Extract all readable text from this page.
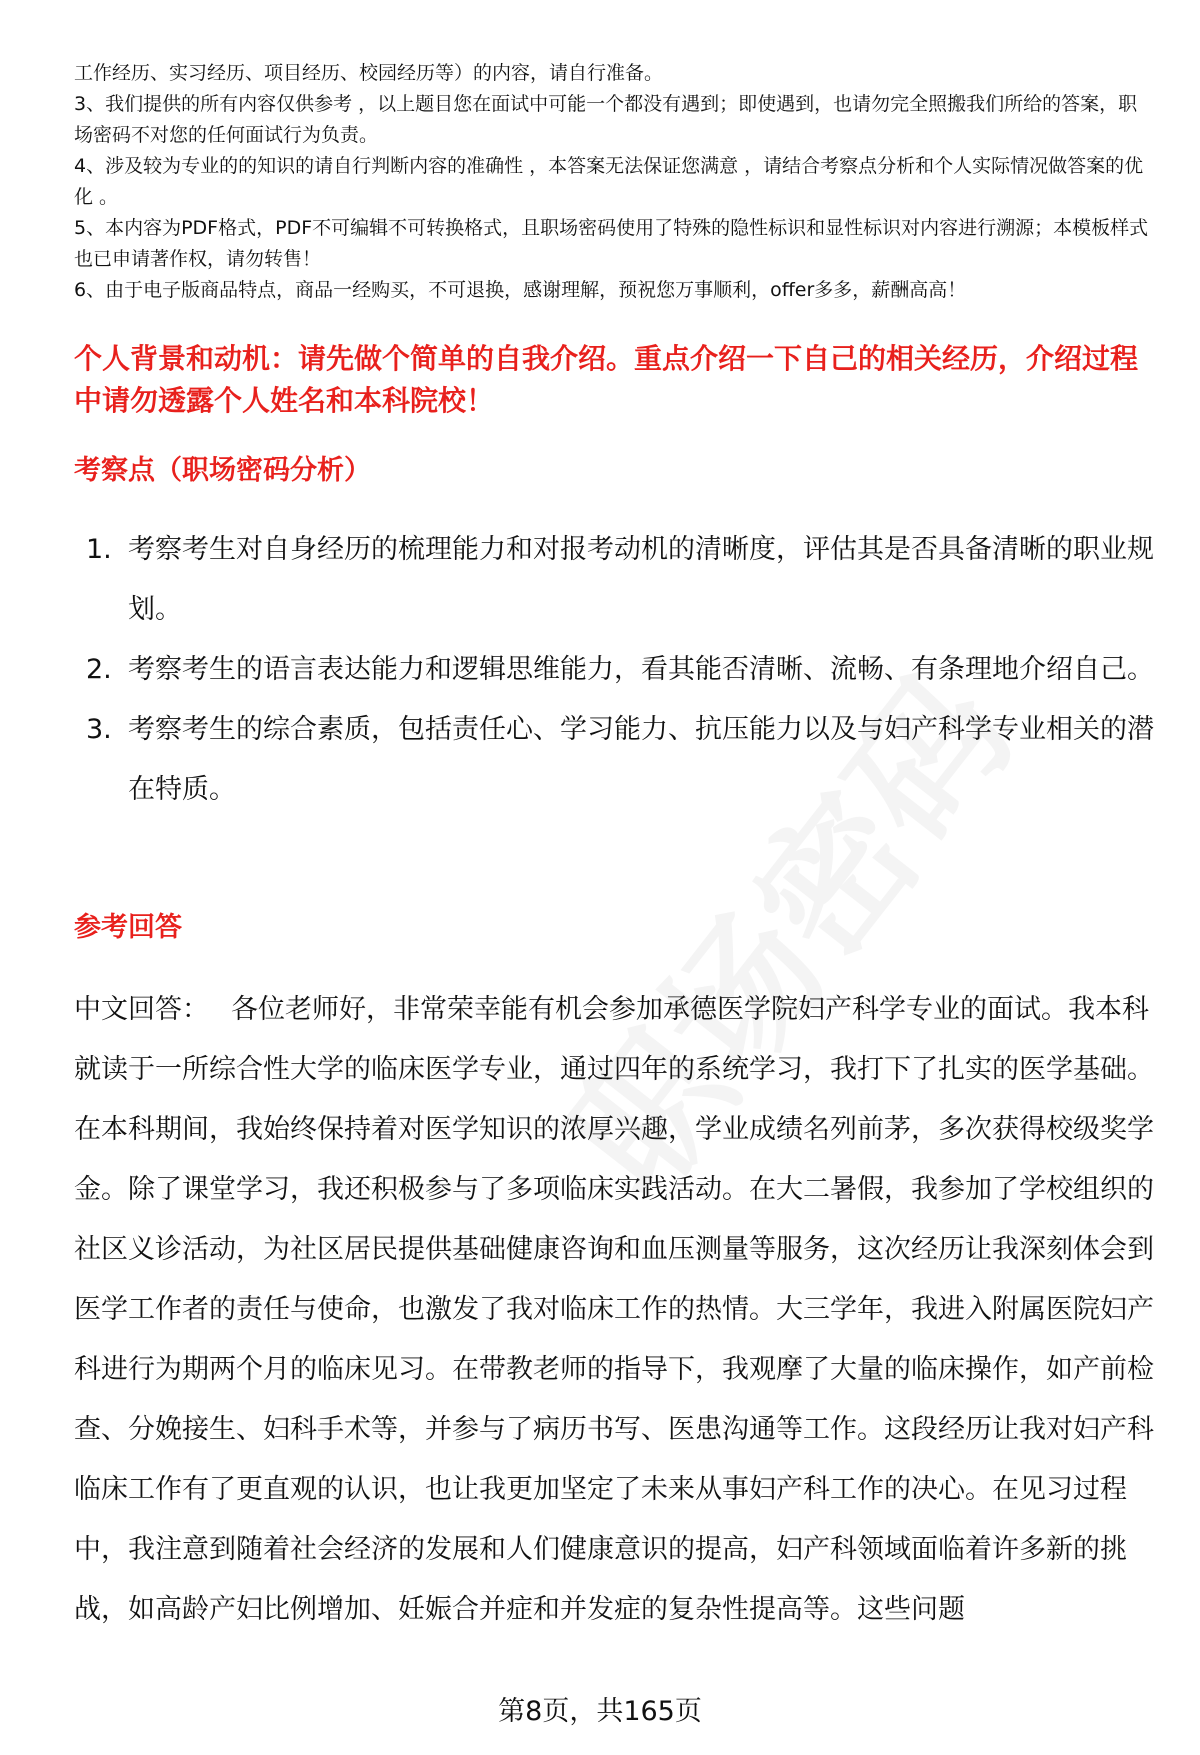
工作经历、实习经历、项目经历、校园经历等）的内容，请自行准备。

3、我们提供的所有内容仅供参考 ，以上题目您在面试中可能一个都没有遇到；即使遇到，也请勿完全照搬我们所给的答案，职场密码不对您的任何面试行为负责。

4、涉及较为专业的的知识的请自行判断内容的准确性 ，本答案无法保证您满意 ，请结合考察点分析和个人实际情况做答案的优化 。

5、本内容为PDF格式，PDF不可编辑不可转换格式，且职场密码使用了特殊的隐性标识和显性标识对内容进行溯源；本模板样式也已申请著作权，请勿转售！

6、由于电子版商品特点，商品一经购买，不可退换，感谢理解，预祝您万事顺利，offer多多，薪酬高高！

个人背景和动机：请先做个简单的自我介绍。重点介绍一下自己的相关经历，介绍过程中请勿透露个人姓名和本科院校！
考察点（职场密码分析）
1. 考察考生对自身经历的梳理能力和对报考动机的清晰度，评估其是否具备清晰的职业规划。
2. 考察考生的语言表达能力和逻辑思维能力，看其能否清晰、流畅、有条理地介绍自己。
3. 考察考生的综合素质，包括责任心、学习能力、抗压能力以及与妇产科学专业相关的潜在特质。
参考回答
中文回答： 各位老师好，非常荣幸能有机会参加承德医学院妇产科学专业的面试。我本科就读于一所综合性大学的临床医学专业，通过四年的系统学习，我打下了扎实的医学基础。在本科期间，我始终保持着对医学知识的浓厚兴趣，学业成绩名列前茅，多次获得校级奖学金。除了课堂学习，我还积极参与了多项临床实践活动。在大二暑假，我参加了学校组织的社区义诊活动，为社区居民提供基础健康咨询和血压测量等服务，这次经历让我深刻体会到医学工作者的责任与使命，也激发了我对临床工作的热情。大三学年，我进入附属医院妇产科进行为期两个月的临床见习。在带教老师的指导下，我观摩了大量的临床操作，如产前检查、分娩接生、妇科手术等，并参与了病历书写、医患沟通等工作。这段经历让我对妇产科临床工作有了更直观的认识，也让我更加坚定了未来从事妇产科工作的决心。在见习过程中，我注意到随着社会经济的发展和人们健康意识的提高，妇产科领域面临着许多新的挑战，如高龄产妇比例增加、妊娠合并症和并发症的复杂性提高等。这些问题
第8页，共165页
